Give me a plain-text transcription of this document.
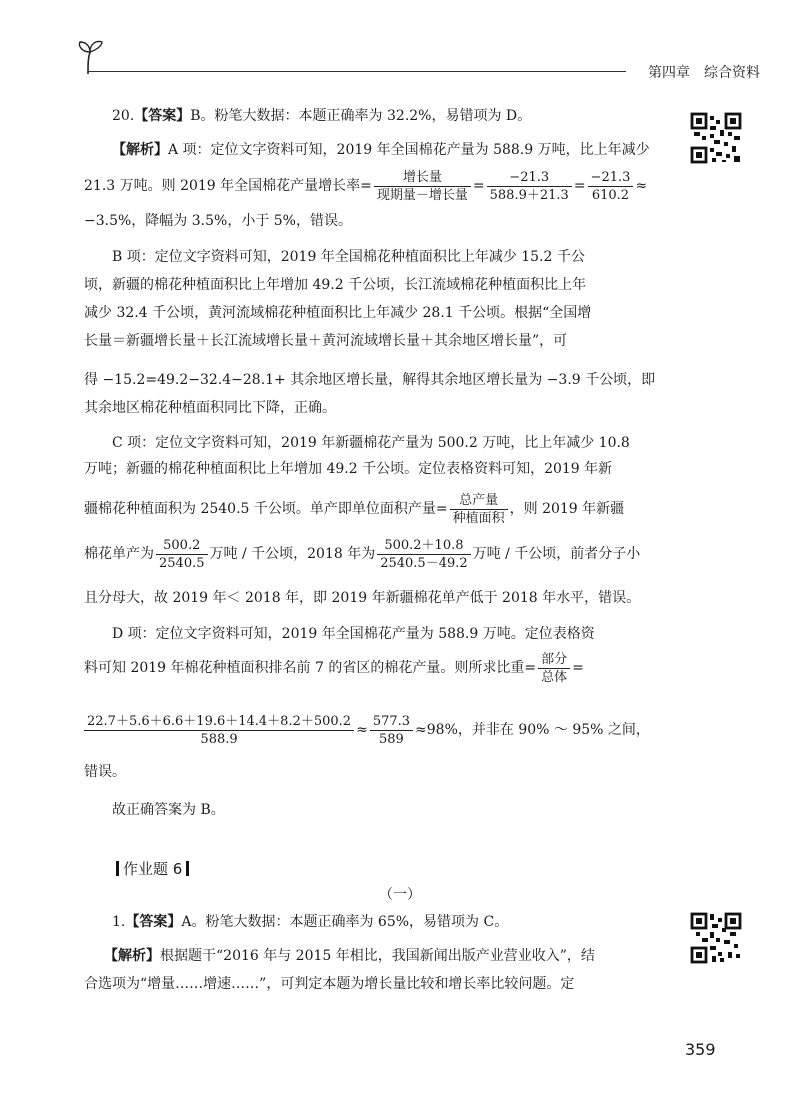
第四章 综合资料
20.【答案】B。粉笔大数据：本题正确率为 32.2%，易错项为 D。
【解析】A 项：定位文字资料可知，2019 年全国棉花产量为 588.9 万吨，比上年减少
21.3 万吨。则 2019 年全国棉花产量增长率= $\frac{\text{增长量}}{\text{现期量－增长量}} = \frac{-21.3}{588.9+21.3} = \frac{-21.3}{610.2}$ ≈
−3.5%，降幅为 3.5%，小于 5%，错误。
B 项：定位文字资料可知，2019 年全国棉花种植面积比上年减少 15.2 千公
顷，新疆的棉花种植面积比上年增加 49.2 千公顷，长江流域棉花种植面积比上年
减少 32.4 千公顷，黄河流域棉花种植面积比上年减少 28.1 千公顷。根据“全国增
长量＝新疆增长量＋长江流域增长量＋黄河流域增长量＋其余地区增长量”，可
得 −15.2=49.2−32.4−28.1+ 其余地区增长量，解得其余地区增长量为 −3.9 千公顷，即
其余地区棉花种植面积同比下降，正确。
C 项：定位文字资料可知，2019 年新疆棉花产量为 500.2 万吨，比上年减少 10.8
万吨；新疆的棉花种植面积比上年增加 49.2 千公顷。定位表格资料可知，2019 年新
疆棉花种植面积为 2540.5 千公顷。单产即单位面积产量= $\frac{\text{总产量}}{\text{种植面积}}$ ，则 2019 年新疆
棉花单产为 $\frac{500.2}{2540.5}$ 万吨 / 千公顷，2018 年为 $\frac{500.2+10.8}{2540.5-49.2}$ 万吨 / 千公顷，前者分子小
且分母大，故 2019 年＜ 2018 年，即 2019 年新疆棉花单产低于 2018 年水平，错误。
D 项：定位文字资料可知，2019 年全国棉花产量为 588.9 万吨。定位表格资
料可知 2019 年棉花种植面积排名前 7 的省区的棉花产量。则所求比重= $\frac{\text{部分}}{\text{总体}}$ =
$\frac{22.7+5.6+6.6+19.6+14.4+8.2+500.2}{588.9} \approx \frac{577.3}{589} \approx 98\%$，并非在 90% ～ 95% 之间，
错误。
故正确答案为 B。
作业题 6
（一）
1.【答案】A。粉笔大数据：本题正确率为 65%，易错项为 C。
【解析】根据题干“2016 年与 2015 年相比，我国新闻出版产业营业收入”，结
合选项为“增量……增速……”，可判定本题为增长量比较和增长率比较问题。定
359
